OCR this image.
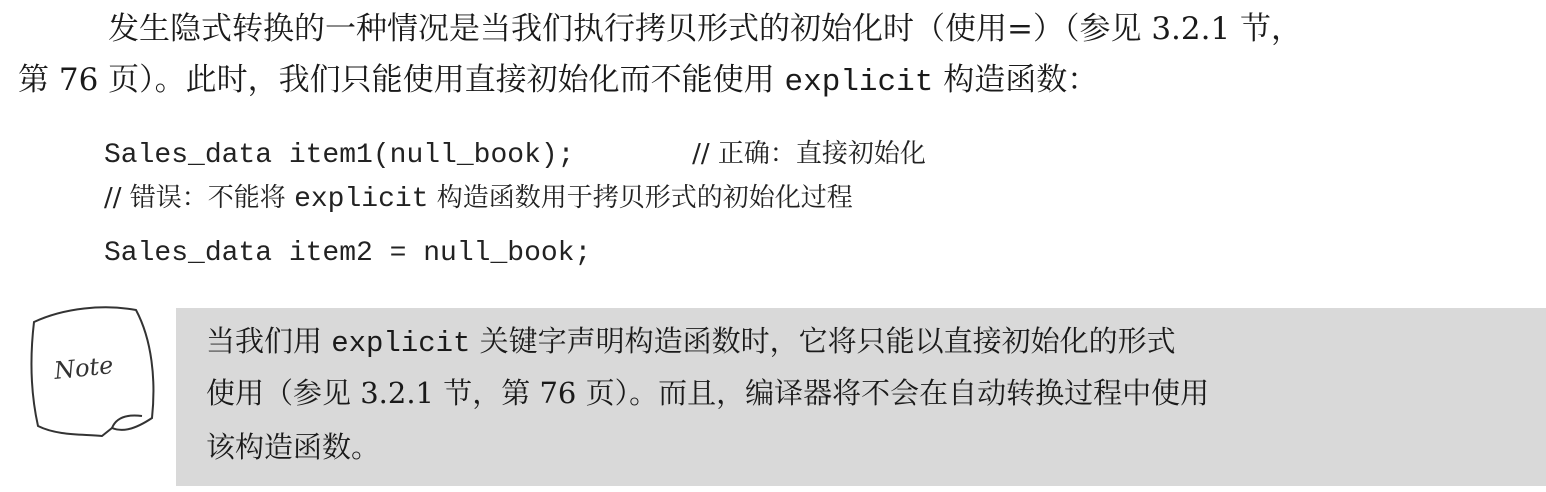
发生隐式转换的一种情况是当我们执行拷贝形式的初始化时（使用=）（参见 3.2.1 节，
第 76 页）。此时，我们只能使用直接初始化而不能使用 explicit 构造函数：
Sales_data item1(null_book);       // 正确：直接初始化
// 错误：不能将 explicit 构造函数用于拷贝形式的初始化过程
Sales_data item2 = null_book;
Note
当我们用 explicit 关键字声明构造函数时，它将只能以直接初始化的形式
使用（参见 3.2.1 节，第 76 页）。而且，编译器将不会在自动转换过程中使用
该构造函数。
